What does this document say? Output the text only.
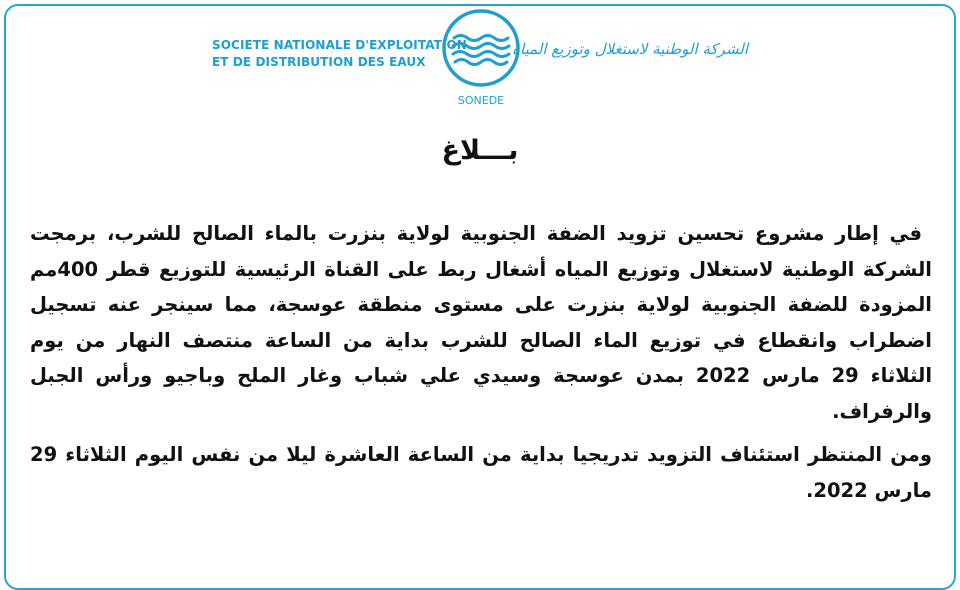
SOCIETE NATIONALE D'EXPLOITATION
ET DE DISTRIBUTION DES EAUX
SONEDE
الشركة الوطنية لاستغلال وتوزيع المياه
بـــلاغ

في إطار مشروع تحسين تزويد الضفة الجنوبية لولاية بنزرت بالماء الصالح للشرب، برمجت الشركة الوطنية لاستغلال وتوزيع المياه أشغال ربط على القناة الرئيسية للتوزيع قطر 400مم المزودة للضفة الجنوبية لولاية بنزرت على مستوى منطقة عوسجة، مما سينجر عنه تسجيل اضطراب وانقطاع في توزيع الماء الصالح للشرب بداية من الساعة منتصف النهار من يوم الثلاثاء 29 مارس 2022 بمدن عوسجة وسيدي علي شباب وغار الملح وباجيو ورأس الجبل والرفراف.

ومن المنتظر استئناف التزويد تدريجيا بداية من الساعة العاشرة ليلا من نفس اليوم الثلاثاء 29 مارس 2022.
